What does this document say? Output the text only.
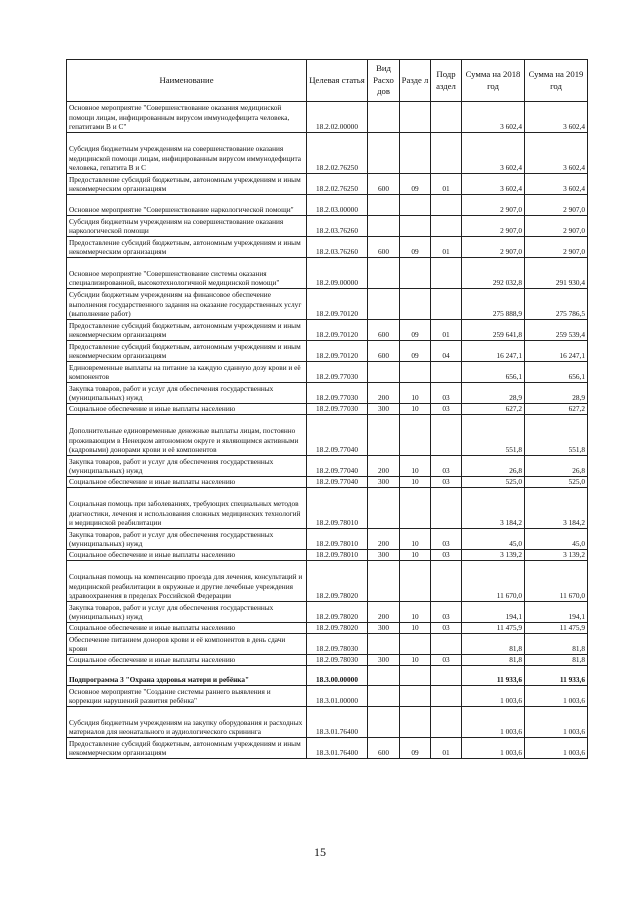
Наименование	Целевая статья	Вид Расхо дов	Разде л	Подр аздел	Сумма на 2018 год	Сумма на 2019 год
Основное мероприятие "Совершенствование оказания медицинской помощи лицам, инфицированным вирусом иммунодефицита человека, гепатитами В и С"	18.2.02.00000				3 602,4	3 602,4
Субсидия бюджетным учреждениям на совершенствование оказания медицинской помощи лицам, инфицированным вирусом иммунодефицита человека, гепатита В и С	18.2.02.76250				3 602,4	3 602,4
Предоставление субсидий бюджетным, автономным учреждениям и иным некоммерческим организациям	18.2.02.76250	600	09	01	3 602,4	3 602,4
Основное мероприятие "Совершенствование наркологической помощи"	18.2.03.00000				2 907,0	2 907,0
Субсидия бюджетным учреждениям на совершенствование оказания наркологической помощи	18.2.03.76260				2 907,0	2 907,0
Предоставление субсидий бюджетным, автономным учреждениям и иным некоммерческим организациям	18.2.03.76260	600	09	01	2 907,0	2 907,0
Основное мероприятие "Совершенствование системы оказания специализированной, высокотехнологичной медицинской помощи"	18.2.09.00000				292 032,8	291 930,4
Субсидии бюджетным учреждениям на финансовое обеспечение выполнения государственного задания на оказание государственных услуг (выполнение работ)	18.2.09.70120				275 888,9	275 786,5
Предоставление субсидий бюджетным, автономным учреждениям и иным некоммерческим организациям	18.2.09.70120	600	09	01	259 641,8	259 539,4
Предоставление субсидий бюджетным, автономным учреждениям и иным некоммерческим организациям	18.2.09.70120	600	09	04	16 247,1	16 247,1
Единовременные выплаты на питание за каждую сданную дозу крови и её компонентов	18.2.09.77030				656,1	656,1
Закупка товаров, работ и услуг для обеспечения государственных (муниципальных) нужд	18.2.09.77030	200	10	03	28,9	28,9
Социальное обеспечение и иные выплаты населению	18.2.09.77030	300	10	03	627,2	627,2
Дополнительные единовременные денежные выплаты лицам, постоянно проживающим в Ненецком автономном округе и являющимся активными (кадровыми) донорами крови и её компонентов	18.2.09.77040				551,8	551,8
Закупка товаров, работ и услуг для обеспечения государственных (муниципальных) нужд	18.2.09.77040	200	10	03	26,8	26,8
Социальное обеспечение и иные выплаты населению	18.2.09.77040	300	10	03	525,0	525,0
Социальная помощь при заболеваниях, требующих специальных методов диагностики, лечения и использования сложных медицинских технологий и медицинской реабилитации	18.2.09.78010				3 184,2	3 184,2
Закупка товаров, работ и услуг для обеспечения государственных (муниципальных) нужд	18.2.09.78010	200	10	03	45,0	45,0
Социальное обеспечение и иные выплаты населению	18.2.09.78010	300	10	03	3 139,2	3 139,2
Социальная помощь на компенсацию проезда для лечения, консультаций и медицинской реабилитации в окружные и другие лечебные учреждения здравоохранения в пределах Российской Федерации	18.2.09.78020				11 670,0	11 670,0
Закупка товаров, работ и услуг для обеспечения государственных (муниципальных) нужд	18.2.09.78020	200	10	03	194,1	194,1
Социальное обеспечение и иные выплаты населению	18.2.09.78020	300	10	03	11 475,9	11 475,9
Обеспечение питанием доноров крови и её компонентов в день сдачи крови	18.2.09.78030				81,8	81,8
Социальное обеспечение и иные выплаты населению	18.2.09.78030	300	10	03	81,8	81,8
Подпрограмма 3 "Охрана здоровья матери и ребёнка"	18.3.00.00000				11 933,6	11 933,6
Основное мероприятие "Создание системы раннего выявления и коррекции нарушений развития ребёнка"	18.3.01.00000				1 003,6	1 003,6
Субсидия бюджетным учреждениям на закупку оборудования и расходных материалов для неонатального и аудиологического скрининга	18.3.01.76400				1 003,6	1 003,6
Предоставление субсидий бюджетным, автономным учреждениям и иным некоммерческим организациям	18.3.01.76400	600	09	01	1 003,6	1 003,6
15
